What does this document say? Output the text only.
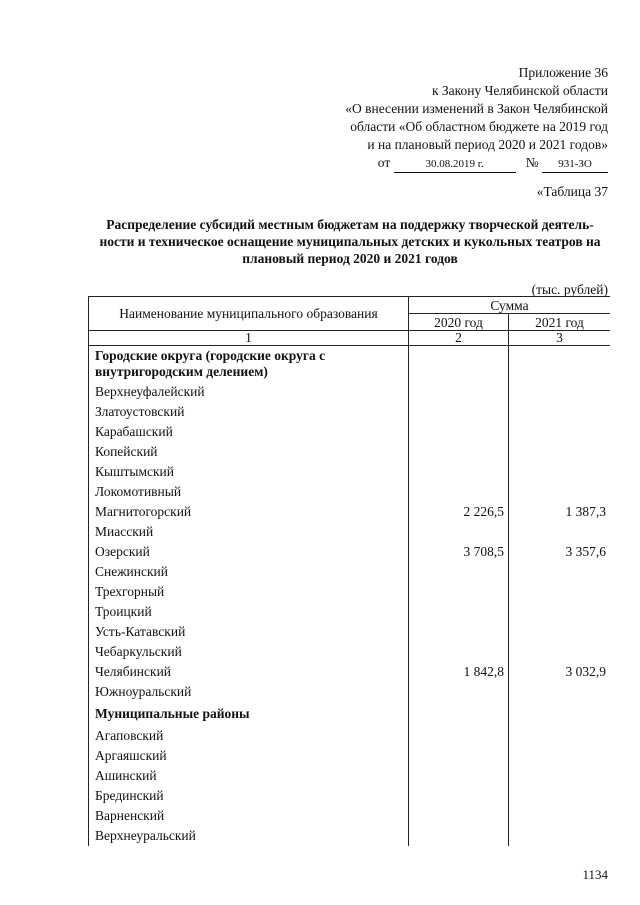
Приложение 36
к Закону Челябинской области
«О внесении изменений в Закон Челябинской
области «Об областном бюджете на 2019 год
и на плановый период 2020 и 2021 годов»
от	30.08.2019 г.	№ 931-ЗО
«Таблица 37
Распределение субсидий местным бюджетам на поддержку творческой деятель-ности и техническое оснащение муниципальных детских и кукольных театров на плановый период 2020 и 2021 годов
(тыс. рублей)
Наименование муниципального образования	Сумма	
	2020 год	2021 год
1	2	3
Городские округа (городские округа с внутригородским делением)		
Верхнеуфалейский		
Златоустовский		
Карабашский		
Копейский		
Кыштымский		
Локомотивный		
Магнитогорский	2 226,5	1 387,3
Миасский		
Озерский	3 708,5	3 357,6
Снежинский		
Трехгорный		
Троицкий		
Усть-Катавский		
Чебаркульский		
Челябинский	1 842,8	3 032,9
Южноуральский		
Муниципальные районы		
Агаповский		
Аргаяшский		
Ашинский		
Брединский		
Варненский		
Верхнеуральский		
1134
